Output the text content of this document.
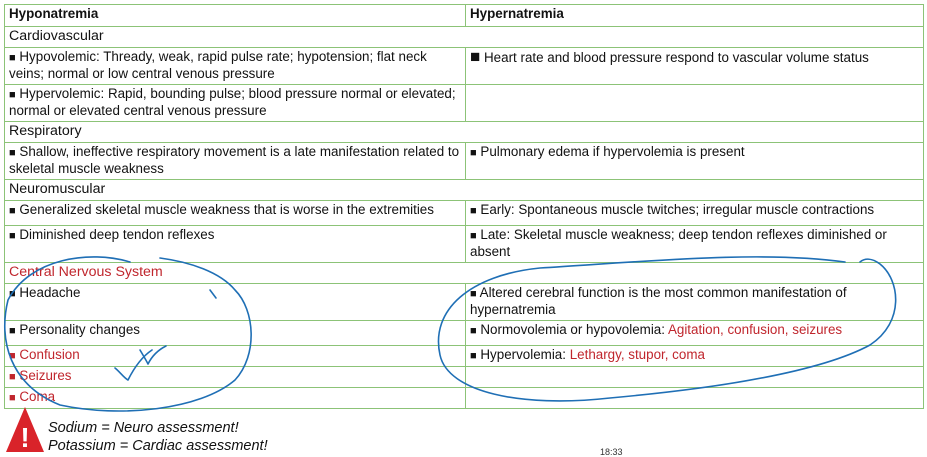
Hyponatremia	Hypernatremia
Cardiovascular	
■ Hypovolemic: Thready, weak, rapid pulse rate; hypotension; flat neck veins; normal or low central venous pressure	■ Heart rate and blood pressure respond to vascular volume status
■ Hypervolemic: Rapid, bounding pulse; blood pressure normal or elevated; normal or elevated central venous pressure	
Respiratory	
■ Shallow, ineffective respiratory movement is a late manifestation related to skeletal muscle weakness	■ Pulmonary edema if hypervolemia is present
Neuromuscular	
■ Generalized skeletal muscle weakness that is worse in the extremities	■ Early: Spontaneous muscle twitches; irregular muscle contractions
■ Diminished deep tendon reflexes	■ Late: Skeletal muscle weakness; deep tendon reflexes diminished or absent
Central Nervous System	
■ Headache	■ Altered cerebral function is the most common manifestation of hypernatremia
■ Personality changes	■ Normovolemia or hypovolemia: Agitation, confusion, seizures
■ Confusion	■ Hypervolemia: Lethargy, stupor, coma
■ Seizures	
■ Coma	
! Sodium = Neuro assessment!
Potassium = Cardiac assessment!	18:33
